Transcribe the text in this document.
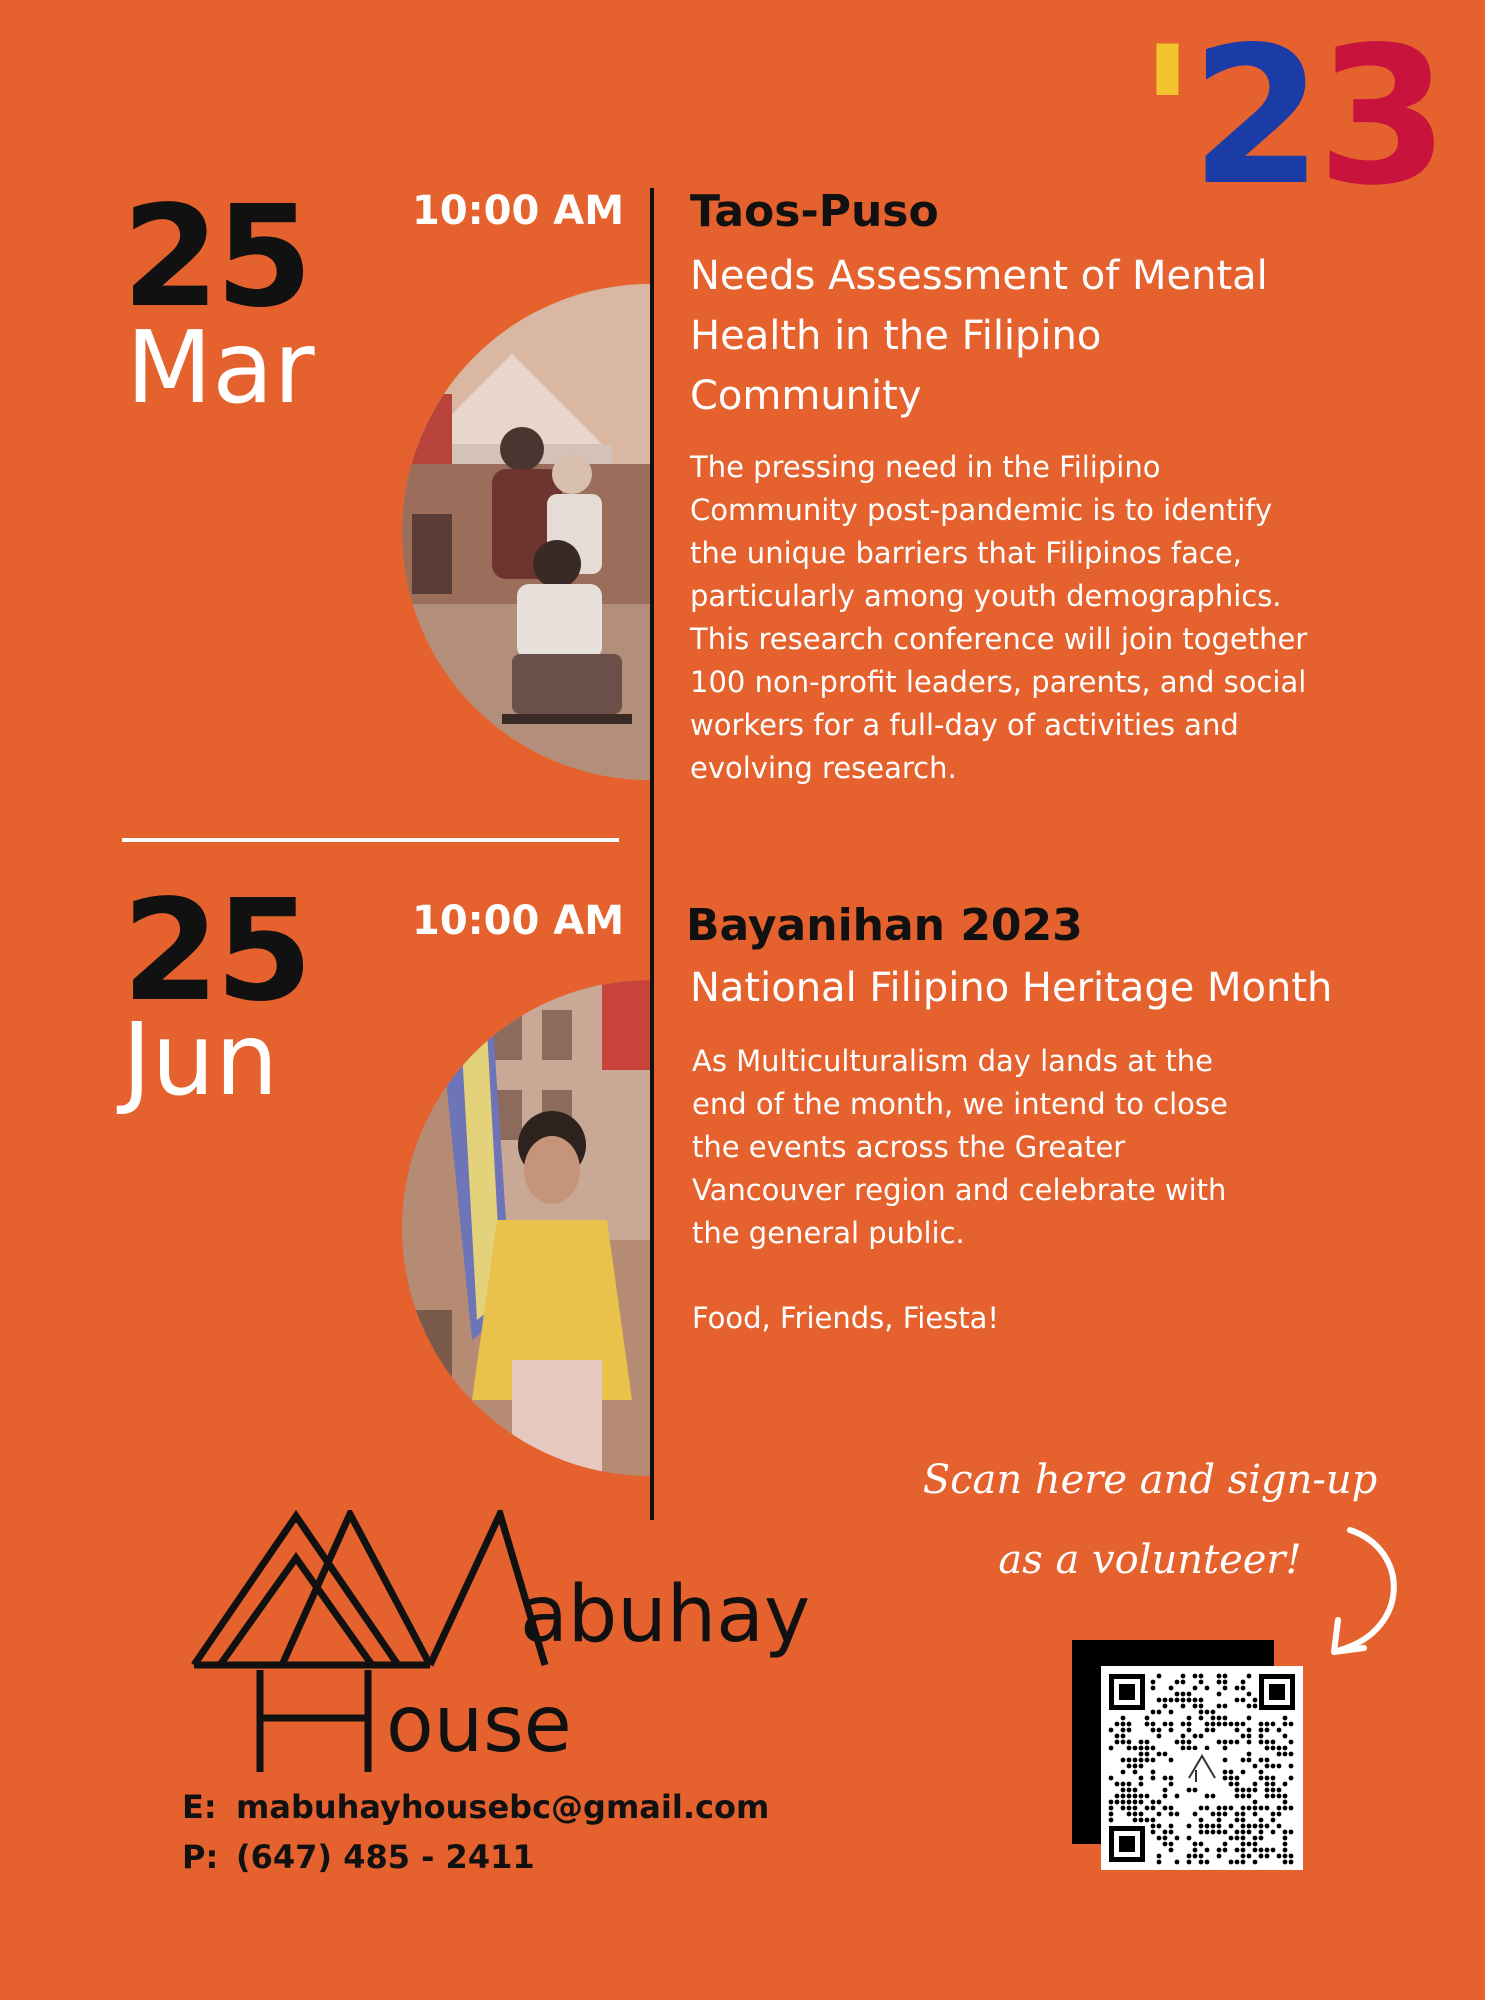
'23
25
Mar
10:00 AM Taos-Puso
Needs Assessment of Mental
Health in the Filipino
Community
The pressing need in the Filipino
Community post-pandemic is to identify
the unique barriers that Filipinos face,
particularly among youth demographics.
This research conference will join together
100 non-profit leaders, parents, and social
workers for a full-day of activities and
evolving research.
25
Jun
10:00 AM Bayanihan 2023
National Filipino Heritage Month
As Multiculturalism day lands at the
end of the month, we intend to close
the events across the Greater
Vancouver region and celebrate with
the general public.
Food, Friends, Fiesta!
abuhay
ouse
E: mabuhayhousebc@gmail.com
P: (647) 485 - 2411
Scan here and sign-up
as a volunteer!
